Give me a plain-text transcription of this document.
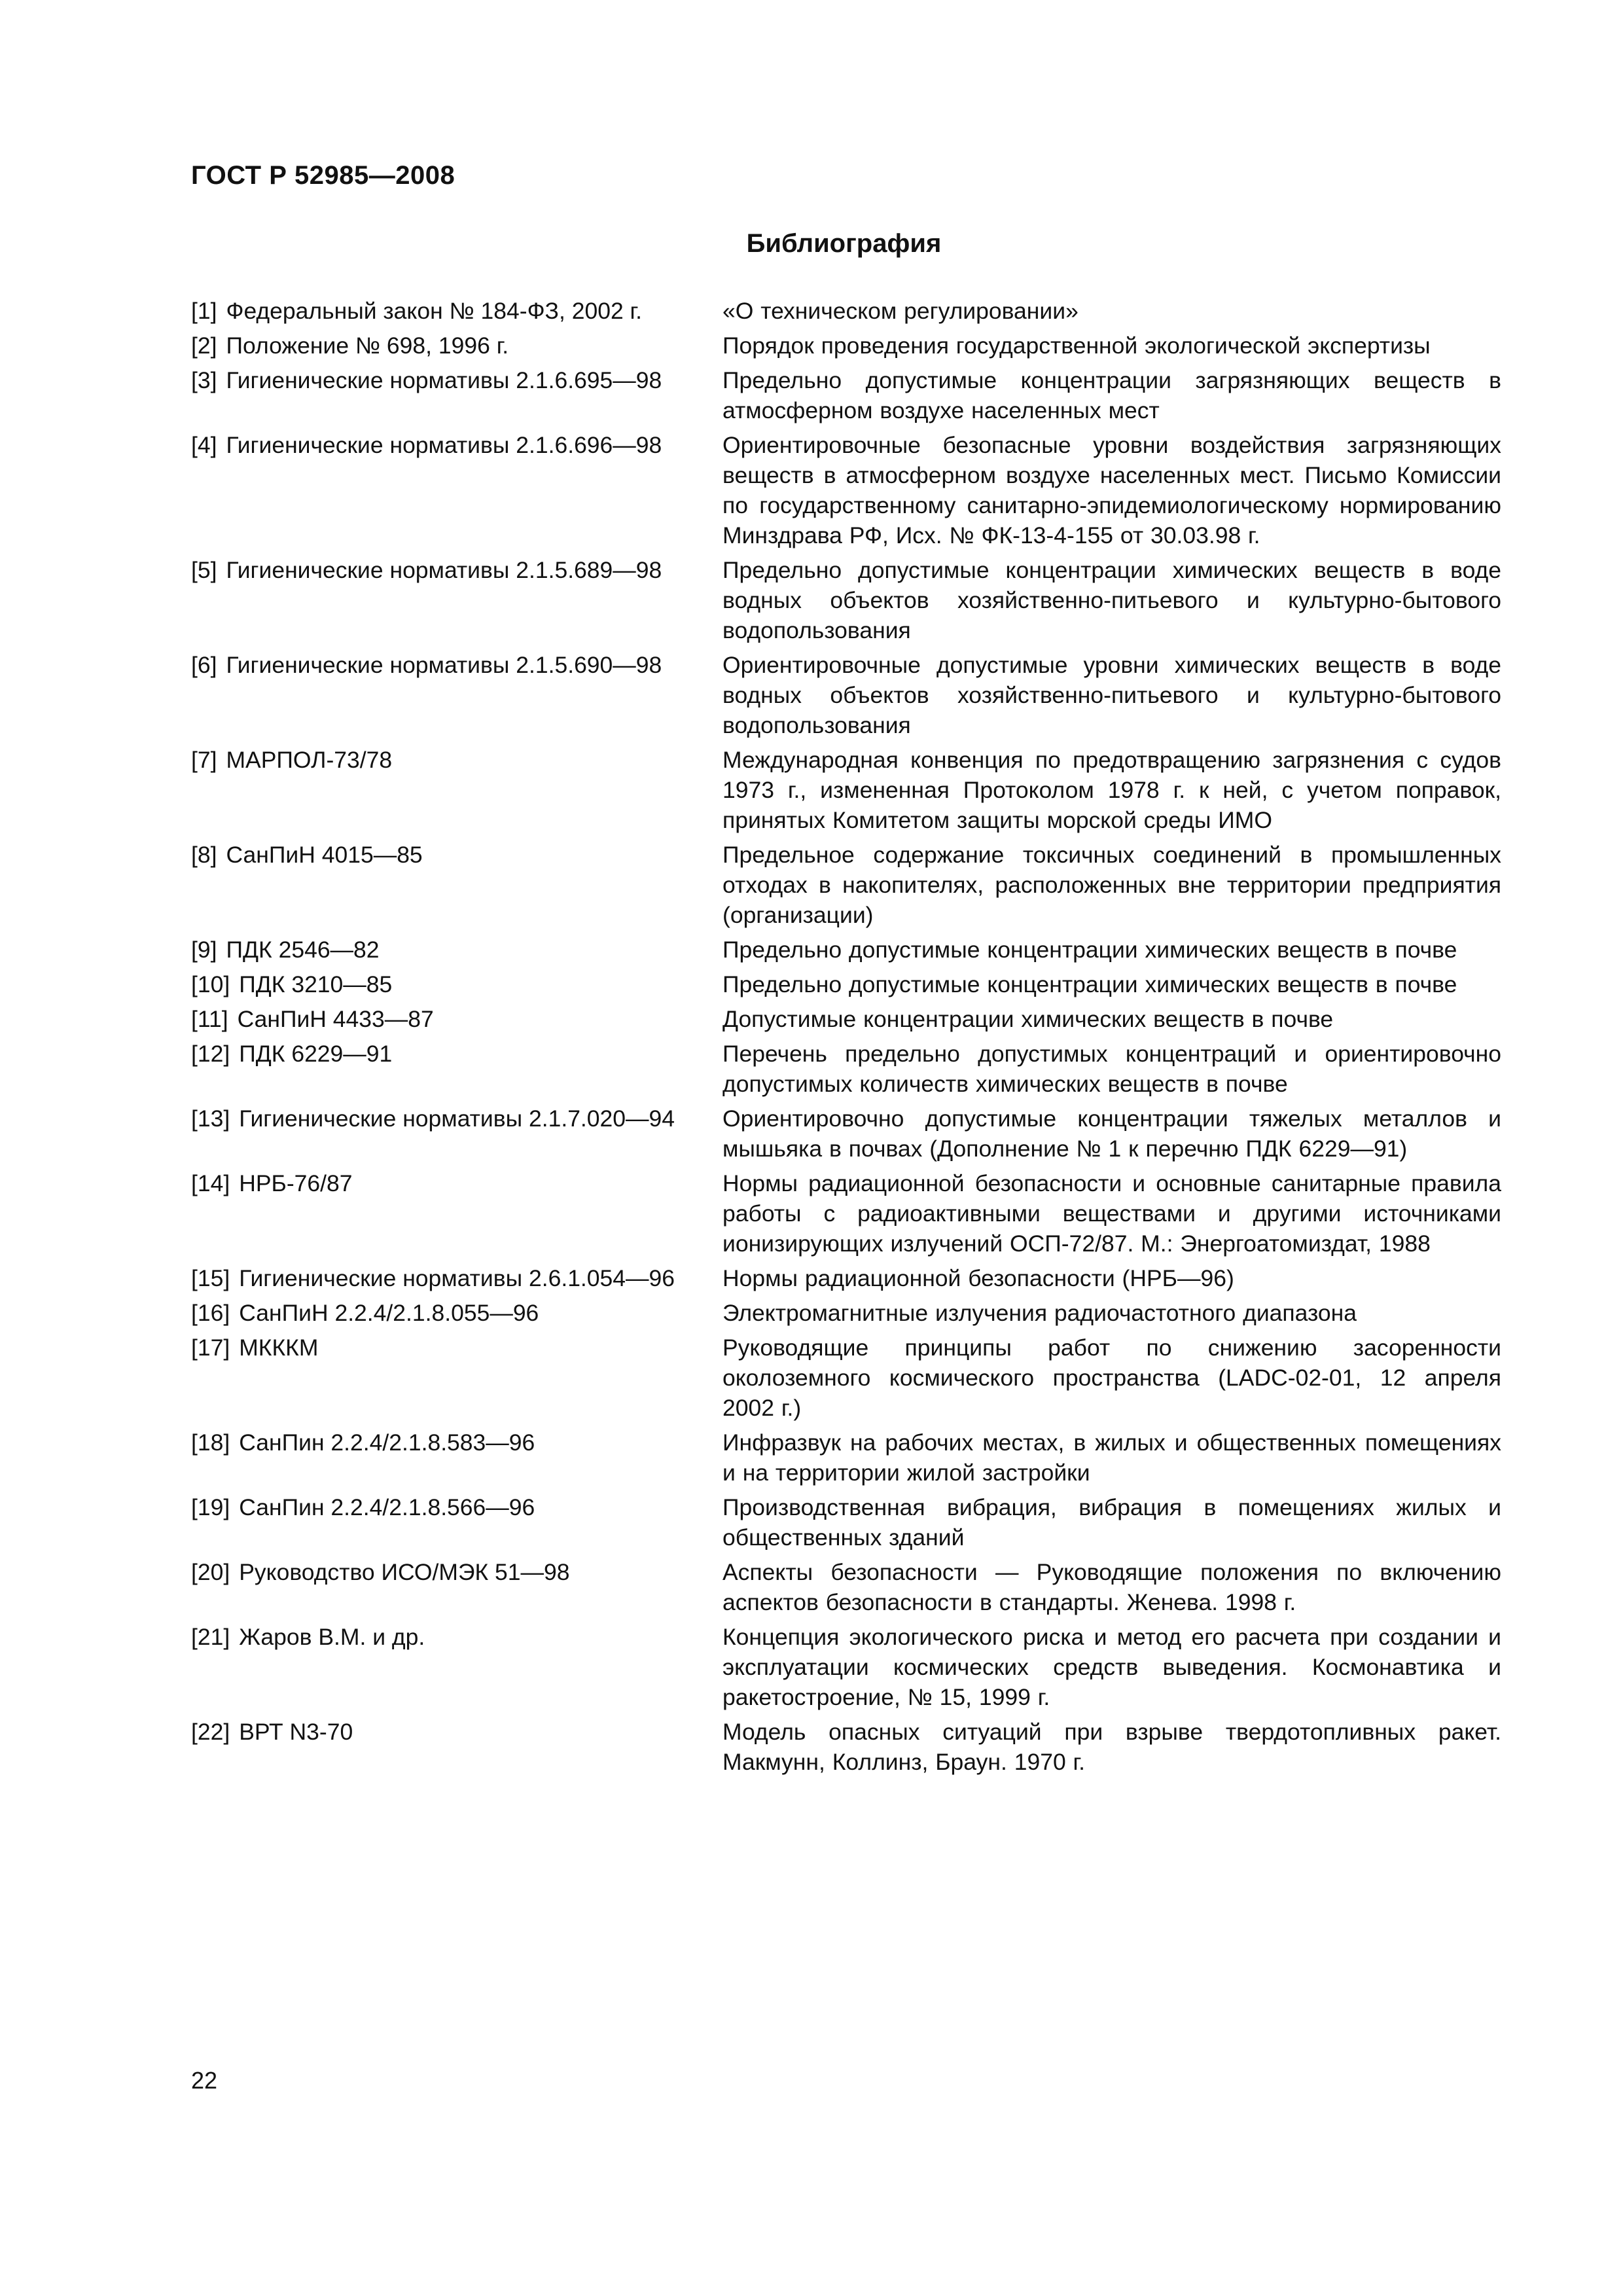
ГОСТ Р 52985—2008
Библиография
[1] Федеральный закон № 184-ФЗ, 2002 г.	«О техническом регулировании»
[2] Положение № 698, 1996 г.	Порядок проведения государственной экологической экспертизы
[3] Гигиенические нормативы 2.1.6.695—98	Предельно допустимые концентрации загрязняющих веществ в атмосферном воздухе населенных мест
[4] Гигиенические нормативы 2.1.6.696—98	Ориентировочные безопасные уровни воздействия загрязняющих веществ в атмосферном воздухе населенных мест. Письмо Комиссии по государственному санитарно-эпидемиологическому нормированию Минздрава РФ, Исх. № ФК-13-4-155 от 30.03.98 г.
[5] Гигиенические нормативы 2.1.5.689—98	Предельно допустимые концентрации химических веществ в воде водных объектов хозяйственно-питьевого и культурно-бытового водопользования
[6] Гигиенические нормативы 2.1.5.690—98	Ориентировочные допустимые уровни химических веществ в воде водных объектов хозяйственно-питьевого и культурно-бытового водопользования
[7] МАРПОЛ-73/78	Международная конвенция по предотвращению загрязнения с судов 1973 г., измененная Протоколом 1978 г. к ней, с учетом поправок, принятых Комитетом защиты морской среды ИМО
[8] СанПиН 4015—85	Предельное содержание токсичных соединений в промышленных отходах в накопителях, расположенных вне территории предприятия (организации)
[9] ПДК 2546—82	Предельно допустимые концентрации химических веществ в почве
[10] ПДК 3210—85	Предельно допустимые концентрации химических веществ в почве
[11] СанПиН 4433—87	Допустимые концентрации химических веществ в почве
[12] ПДК 6229—91	Перечень предельно допустимых концентраций и ориентировочно допустимых количеств химических веществ в почве
[13] Гигиенические нормативы 2.1.7.020—94	Ориентировочно допустимые концентрации тяжелых металлов и мышьяка в почвах (Дополнение № 1 к перечню ПДК 6229—91)
[14] НРБ-76/87	Нормы радиационной безопасности и основные санитарные правила работы с радиоактивными веществами и другими источниками ионизирующих излучений ОСП-72/87. М.: Энергоатомиздат, 1988
[15] Гигиенические нормативы 2.6.1.054—96	Нормы радиационной безопасности (НРБ—96)
[16] СанПиН 2.2.4/2.1.8.055—96	Электромагнитные излучения радиочастотного диапазона
[17] МКККМ	Руководящие принципы работ по снижению засоренности околоземного космического пространства (LADC-02-01, 12 апреля 2002 г.)
[18] СанПин 2.2.4/2.1.8.583—96	Инфразвук на рабочих местах, в жилых и общественных помещениях и на территории жилой застройки
[19] СанПин 2.2.4/2.1.8.566—96	Производственная вибрация, вибрация в помещениях жилых и общественных зданий
[20] Руководство ИСО/МЭК 51—98	Аспекты безопасности — Руководящие положения по включению аспектов безопасности в стандарты. Женева. 1998 г.
[21] Жаров В.М. и др.	Концепция экологического риска и метод его расчета при создании и эксплуатации космических средств выведения. Космонавтика и ракетостроение, № 15, 1999 г.
[22] ВРТ N3-70	Модель опасных ситуаций при взрыве твердотопливных ракет. Макмунн, Коллинз, Браун. 1970 г.
22
